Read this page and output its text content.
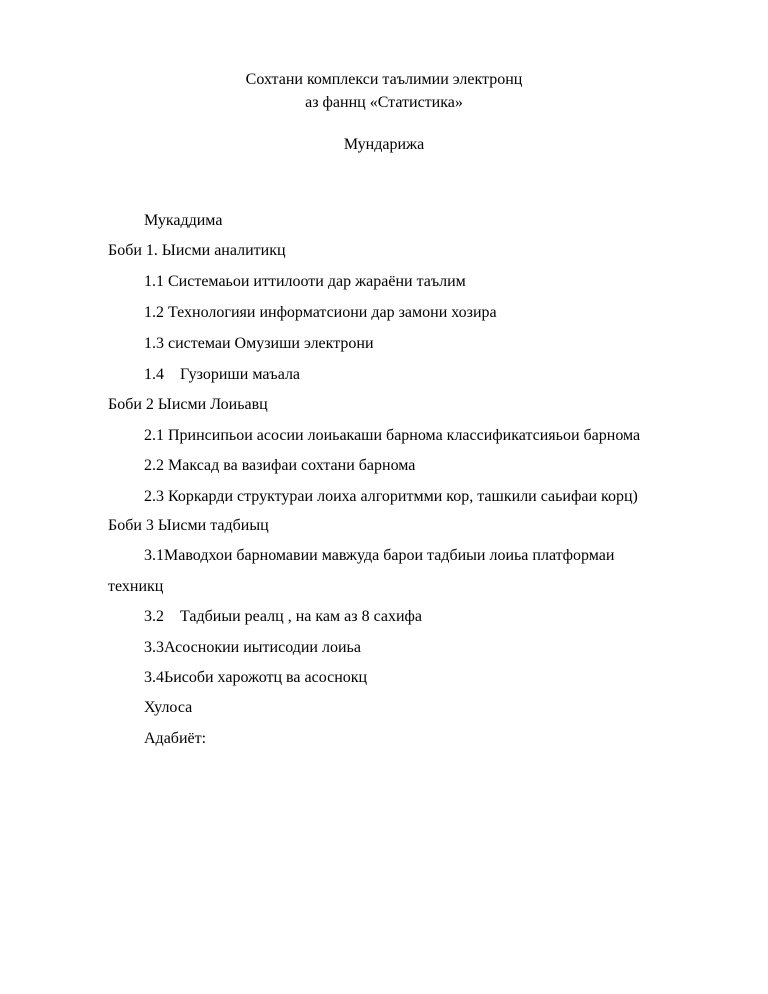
Сохтани комплекси таълимии электронц

аз фаннц «Статистика»

Мундарижа

Мукаддима

Боби 1. Ыисми аналитикц

1.1 Системаьои иттилооти дар жараёни таълим

1.2 Технологияи информатсиони дар замони хозира

1.3 системаи Омузиши электрони

1.4    Гузориши маъала

Боби 2 Ыисми Лоиьавц

2.1 Принсипьои асосии лоиьакаши барнома классификатсияьои барнома

2.2 Максад ва вазифаи сохтани барнома

2.3 Коркарди структураи лоиха алгоритмми кор, ташкили саьифаи корц)

Боби 3 Ыисми тадбиыц

3.1Маводхои барномавии мавжуда барои тадбиыи лоиьа платформаи

техникц

3.2    Тадбиыи реалц , на кам аз 8 сахифа

3.3Асоснокии иытисодии лоиьа

3.4Ьисоби харожотц ва асоснокц

Хулоса

Адабиёт:
